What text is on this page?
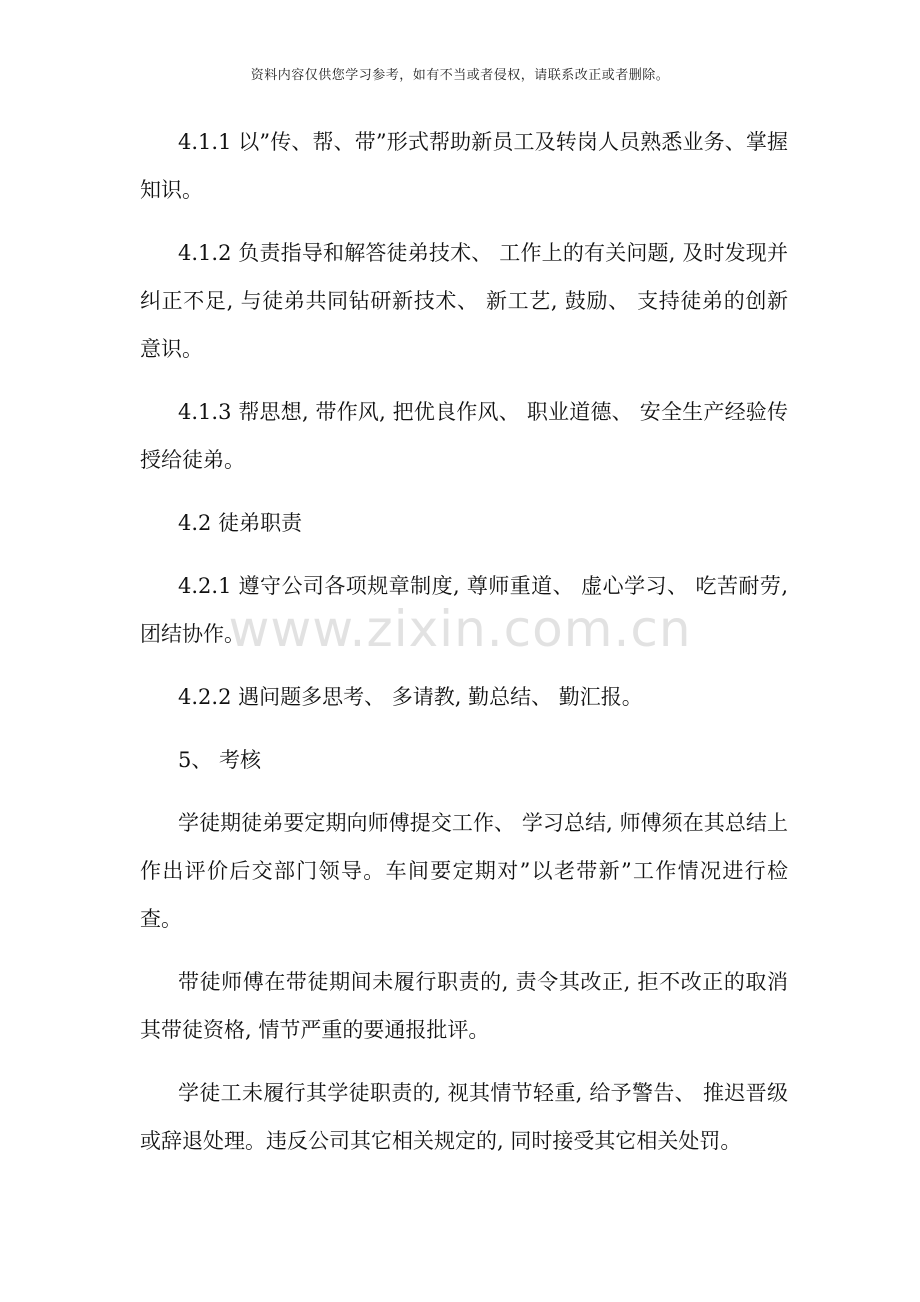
资料内容仅供您学习参考，如有不当或者侵权，请联系改正或者删除。

4.1.1 以”传、帮、带”形式帮助新员工及转岗人员熟悉业务、掌握知识。

4.1.2 负责指导和解答徒弟技术、 工作上的有关问题, 及时发现并纠正不足, 与徒弟共同钻研新技术、 新工艺, 鼓励、 支持徒弟的创新意识。

4.1.3 帮思想, 带作风, 把优良作风、 职业道德、 安全生产经验传授给徒弟。

4.2 徒弟职责

4.2.1 遵守公司各项规章制度, 尊师重道、 虚心学习、 吃苦耐劳, 团结协作。

4.2.2 遇问题多思考、 多请教, 勤总结、 勤汇报。

5、 考核

学徒期徒弟要定期向师傅提交工作、 学习总结, 师傅须在其总结上作出评价后交部门领导。车间要定期对”以老带新”工作情况进行检查。

带徒师傅在带徒期间未履行职责的, 责令其改正, 拒不改正的取消其带徒资格, 情节严重的要通报批评。

学徒工未履行其学徒职责的, 视其情节轻重, 给予警告、 推迟晋级或辞退处理。违反公司其它相关规定的, 同时接受其它相关处罚。

www.zixin.com.cn
